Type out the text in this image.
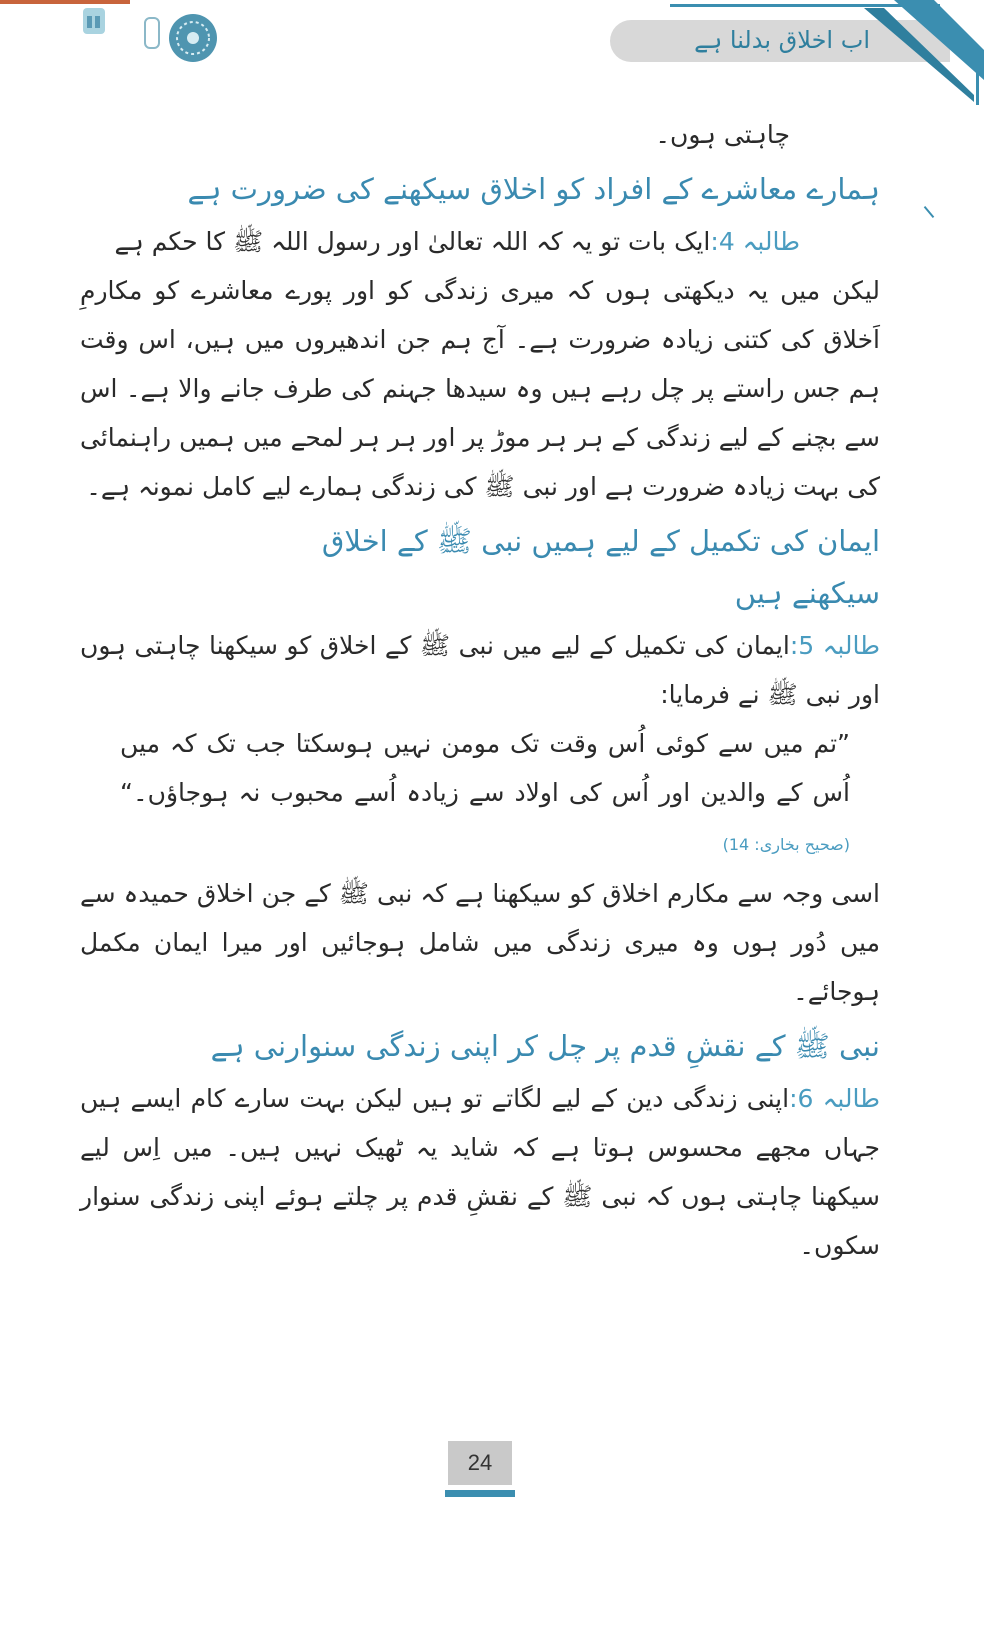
اب اخلاق بدلنا ہے

چاہتی ہوں۔

ہمارے معاشرے کے افراد کو اخلاق سیکھنے کی ضرورت ہے

طالبہ 4:ایک بات تو یہ کہ اللہ تعالیٰ اور رسول اللہ ﷺ کا حکم ہے

لیکن میں یہ دیکھتی ہوں کہ میری زندگی کو اور پورے معاشرے کو مکارمِ اَخلاق کی کتنی زیادہ ضرورت ہے۔ آج ہم جن اندھیروں میں ہیں، اس وقت ہم جس راستے پر چل رہے ہیں وہ سیدھا جہنم کی طرف جانے والا ہے۔ اس سے بچنے کے لیے زندگی کے ہر ہر موڑ پر اور ہر ہر لمحے میں ہمیں راہنمائی کی بہت زیادہ ضرورت ہے اور نبی ﷺ کی زندگی ہمارے لیے کامل نمونہ ہے۔

ایمان کی تکمیل کے لیے ہمیں نبی ﷺ کے اخلاق سیکھنے ہیں

طالبہ 5:ایمان کی تکمیل کے لیے میں نبی ﷺ کے اخلاق کو سیکھنا چاہتی ہوں اور نبی ﷺ نے فرمایا:

”تم میں سے کوئی اُس وقت تک مومن نہیں ہوسکتا جب تک کہ میں اُس کے والدین اور اُس کی اولاد سے زیادہ اُسے محبوب نہ ہوجاؤں۔“ (صحیح بخاری: 14)

اسی وجہ سے مکارم اخلاق کو سیکھنا ہے کہ نبی ﷺ کے جن اخلاق حمیدہ سے میں دُور ہوں وہ میری زندگی میں شامل ہوجائیں اور میرا ایمان مکمل ہوجائے۔

نبی ﷺ کے نقشِ قدم پر چل کر اپنی زندگی سنوارنی ہے

طالبہ 6:اپنی زندگی دین کے لیے لگاتے تو ہیں لیکن بہت سارے کام ایسے ہیں جہاں مجھے محسوس ہوتا ہے کہ شاید یہ ٹھیک نہیں ہیں۔ میں اِس لیے سیکھنا چاہتی ہوں کہ نبی ﷺ کے نقشِ قدم پر چلتے ہوئے اپنی زندگی سنوار سکوں۔

24
